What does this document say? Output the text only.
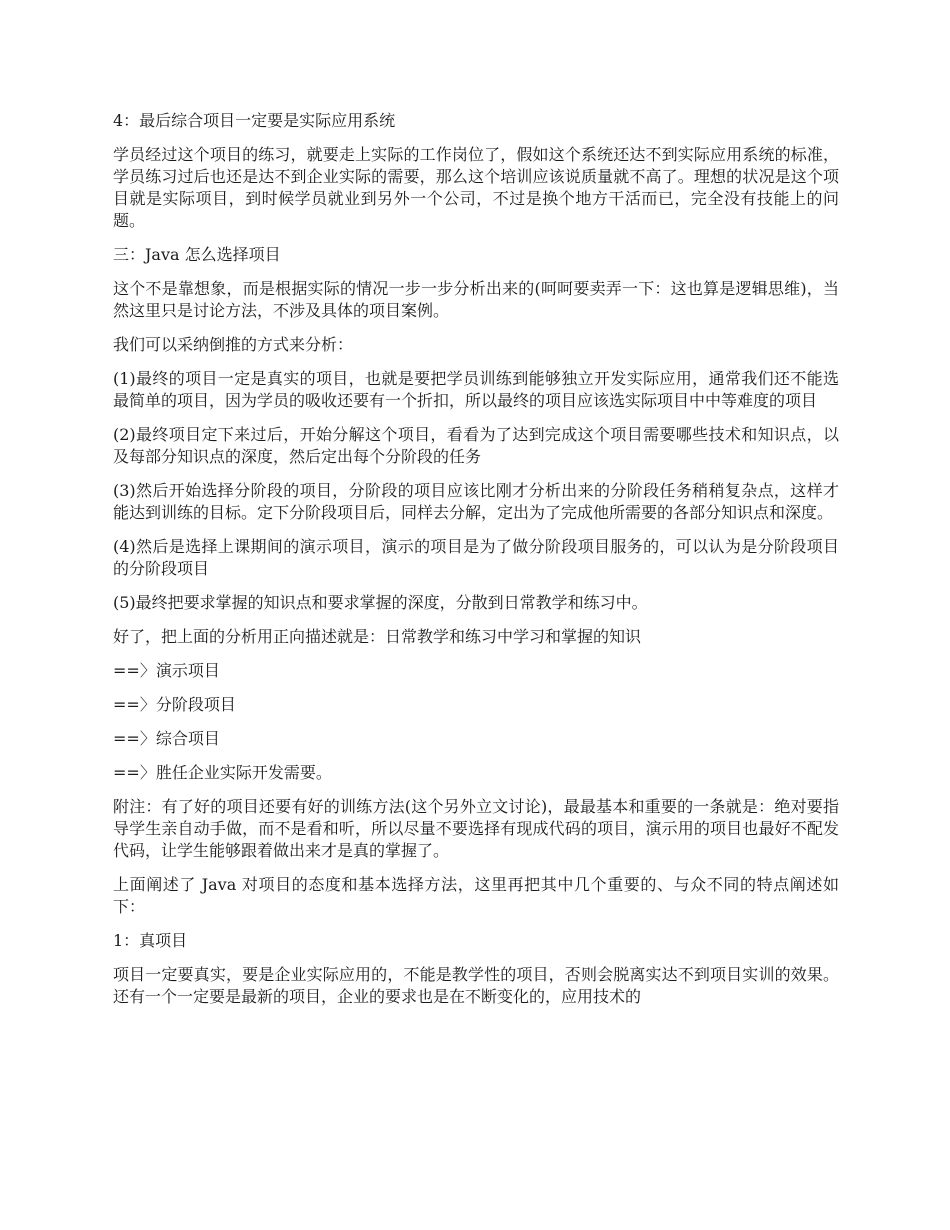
4：最后综合项目一定要是实际应用系统

学员经过这个项目的练习，就要走上实际的工作岗位了，假如这个系统还达不到实际应用系统的标准，学员练习过后也还是达不到企业实际的需要，那么这个培训应该说质量就不高了。理想的状况是这个项目就是实际项目，到时候学员就业到另外一个公司，不过是换个地方干活而已，完全没有技能上的问题。

三：Java 怎么选择项目

这个不是靠想象，而是根据实际的情况一步一步分析出来的(呵呵要卖弄一下：这也算是逻辑思维)，当然这里只是讨论方法，不涉及具体的项目案例。

我们可以采纳倒推的方式来分析：

(1)最终的项目一定是真实的项目，也就是要把学员训练到能够独立开发实际应用，通常我们还不能选最简单的项目，因为学员的吸收还要有一个折扣，所以最终的项目应该选实际项目中中等难度的项目

(2)最终项目定下来过后，开始分解这个项目，看看为了达到完成这个项目需要哪些技术和知识点，以及每部分知识点的深度，然后定出每个分阶段的任务

(3)然后开始选择分阶段的项目，分阶段的项目应该比刚才分析出来的分阶段任务稍稍复杂点，这样才能达到训练的目标。定下分阶段项目后，同样去分解，定出为了完成他所需要的各部分知识点和深度。

(4)然后是选择上课期间的演示项目，演示的项目是为了做分阶段项目服务的，可以认为是分阶段项目的分阶段项目

(5)最终把要求掌握的知识点和要求掌握的深度，分散到日常教学和练习中。

好了，把上面的分析用正向描述就是：日常教学和练习中学习和掌握的知识

==〉演示项目

==〉分阶段项目

==〉综合项目

==〉胜任企业实际开发需要。

附注：有了好的项目还要有好的训练方法(这个另外立文讨论)，最最基本和重要的一条就是：绝对要指导学生亲自动手做，而不是看和听，所以尽量不要选择有现成代码的项目，演示用的项目也最好不配发代码，让学生能够跟着做出来才是真的掌握了。

上面阐述了 Java 对项目的态度和基本选择方法，这里再把其中几个重要的、与众不同的特点阐述如下：

1：真项目

项目一定要真实，要是企业实际应用的，不能是教学性的项目，否则会脱离实达不到项目实训的效果。还有一个一定要是最新的项目，企业的要求也是在不断变化的，应用技术的
